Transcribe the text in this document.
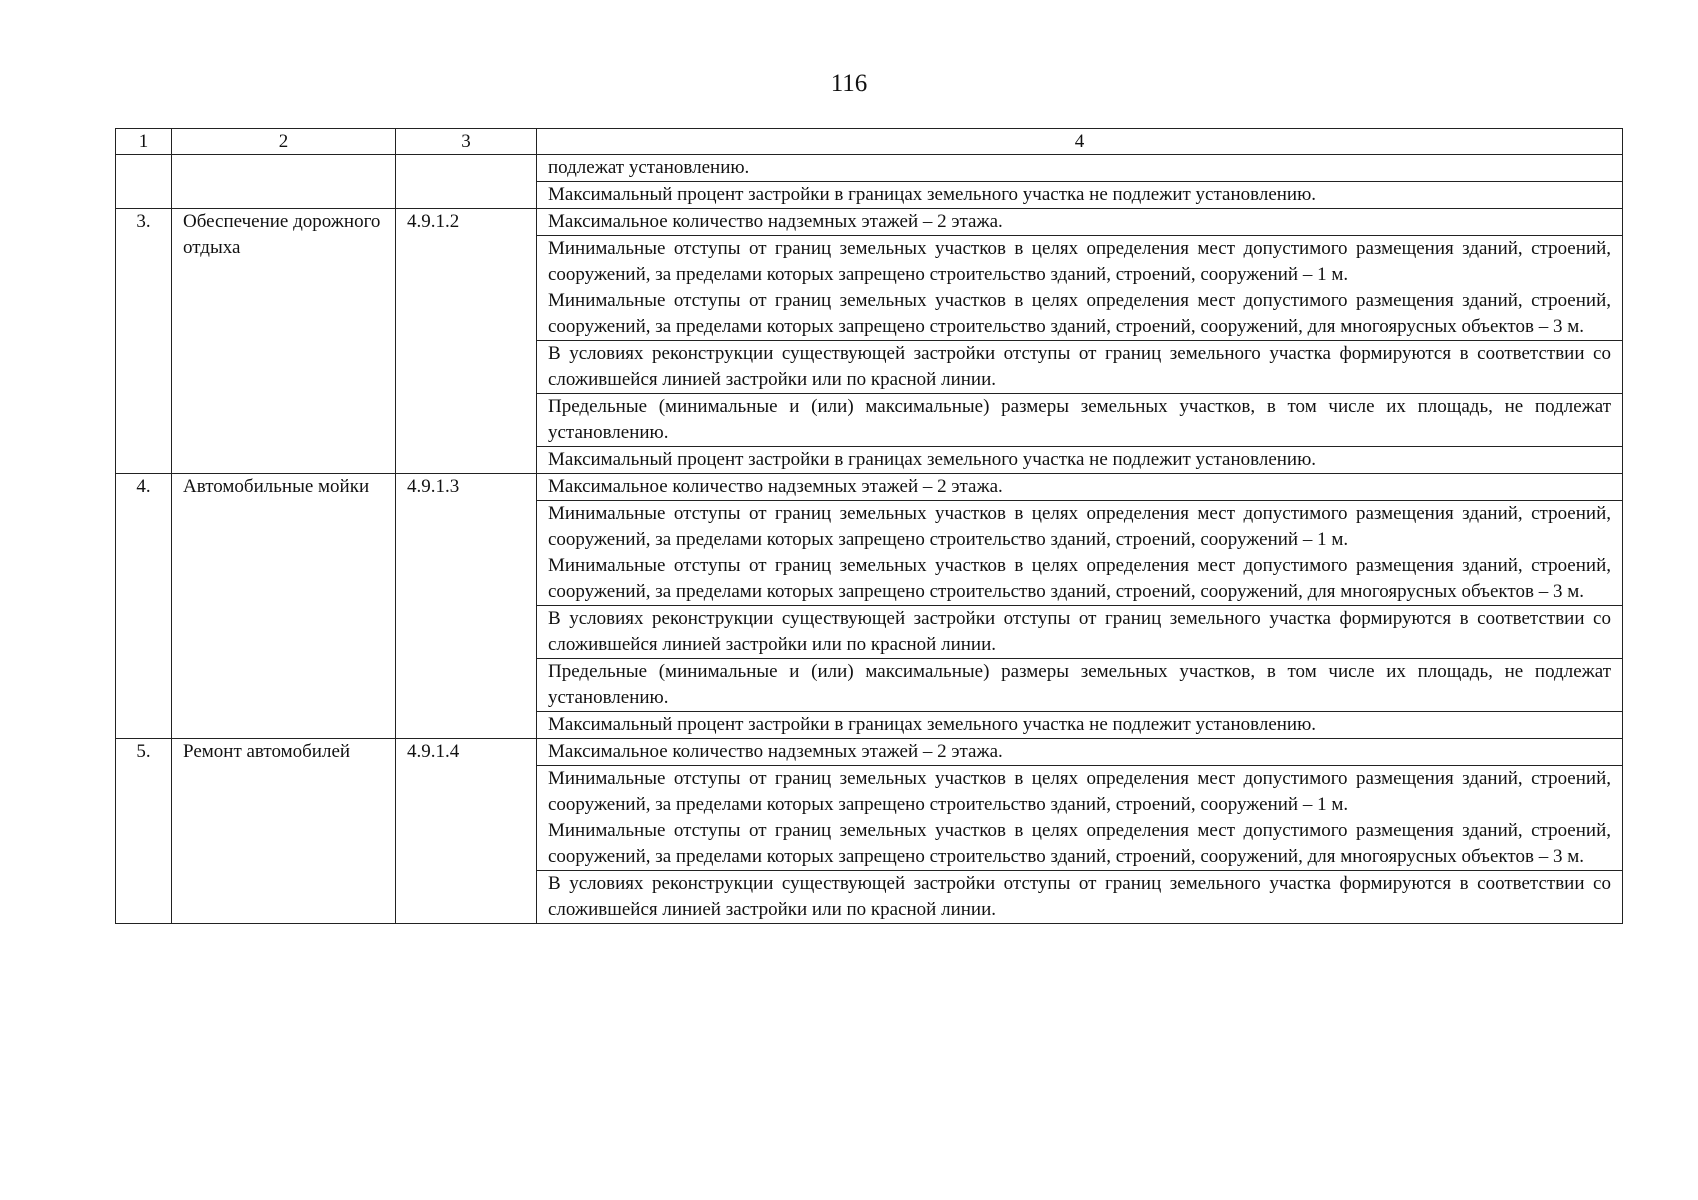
116
1	2	3	4
			подлежат установлению.
			Максимальный процент застройки в границах земельного участка не подлежит установлению.
3.	Обеспечение дорожного отдыха	4.9.1.2	Максимальное количество надземных этажей – 2 этажа.

			Минимальные отступы от границ земельных участков в целях определения мест допустимого размещения зданий, строений, сооружений, за пределами которых запрещено строительство зданий, строений, сооружений – 1 м.

Минимальные отступы от границ земельных участков в целях определения мест допустимого размещения зданий, строений, сооружений, за пределами которых запрещено строительство зданий, строений, сооружений, для многоярусных объектов – 3 м.

			В условиях реконструкции существующей застройки отступы от границ земельного участка формируются в соответствии со сложившейся линией застройки или по красной линии.

			Предельные (минимальные и (или) максимальные) размеры земельных участков, в том числе их площадь, не подлежат установлению.

			Максимальный процент застройки в границах земельного участка не подлежит установлению.

4.	Автомобильные мойки	4.9.1.3	Максимальное количество надземных этажей – 2 этажа.

			Минимальные отступы от границ земельных участков в целях определения мест допустимого размещения зданий, строений, сооружений, за пределами которых запрещено строительство зданий, строений, сооружений – 1 м.

Минимальные отступы от границ земельных участков в целях определения мест допустимого размещения зданий, строений, сооружений, за пределами которых запрещено строительство зданий, строений, сооружений, для многоярусных объектов – 3 м.

			В условиях реконструкции существующей застройки отступы от границ земельного участка формируются в соответствии со сложившейся линией застройки или по красной линии.

			Предельные (минимальные и (или) максимальные) размеры земельных участков, в том числе их площадь, не подлежат установлению.

			Максимальный процент застройки в границах земельного участка не подлежит установлению.

5.	Ремонт автомобилей	4.9.1.4	Максимальное количество надземных этажей – 2 этажа.

			Минимальные отступы от границ земельных участков в целях определения мест допустимого размещения зданий, строений, сооружений, за пределами которых запрещено строительство зданий, строений, сооружений – 1 м.

Минимальные отступы от границ земельных участков в целях определения мест допустимого размещения зданий, строений, сооружений, за пределами которых запрещено строительство зданий, строений, сооружений, для многоярусных объектов – 3 м.

			В условиях реконструкции существующей застройки отступы от границ земельного участка формируются в соответствии со сложившейся линией застройки или по красной линии.
